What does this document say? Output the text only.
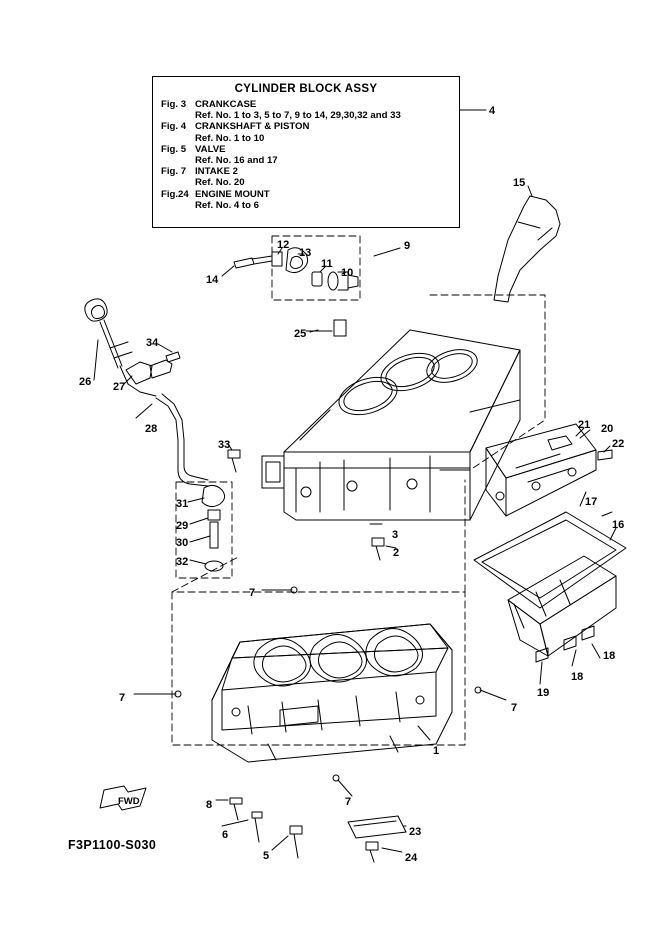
CYLINDER BLOCK ASSY
Fig. 3 CRANKCASE
Ref. No. 1 to 3, 5 to 7, 9 to 14, 29,30,32 and 33
Fig. 4 CRANKSHAFT & PISTON
Ref. No. 1 to 10
Fig. 5 VALVE
Ref. No. 16 and 17
Fig. 7 INTAKE 2
Ref. No. 20
Fig.24 ENGINE MOUNT
Ref. No. 4 to 6
4
15
12
13
9
11
10
14
25
34
26 27
28	21 20
22
33
17
31
16
29
30
2
3
32
7
18
18
19
7
7
1
8	7
23
6
5	24
FWD
F3P1100-S030
